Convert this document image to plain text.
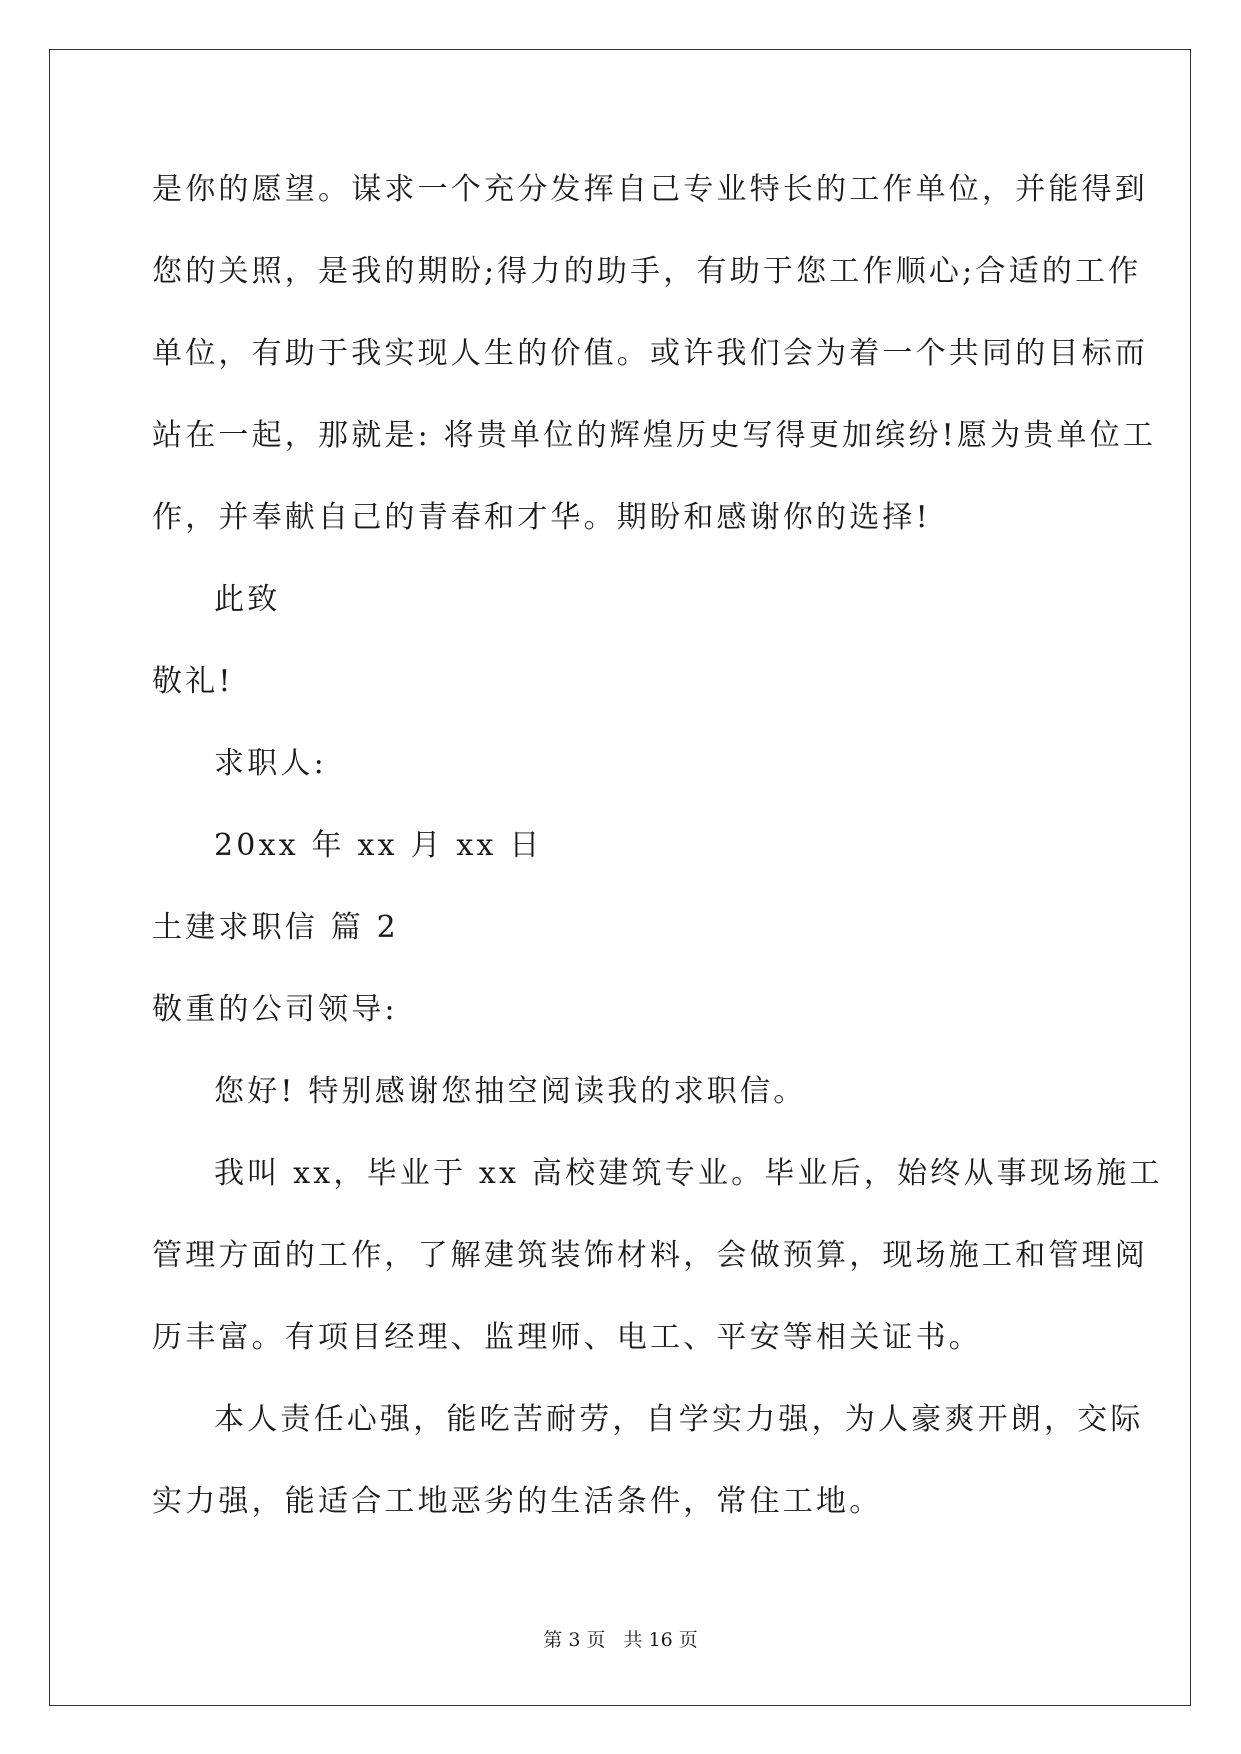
是你的愿望。谋求一个充分发挥自己专业特长的工作单位，并能得到
您的关照，是我的期盼;得力的助手，有助于您工作顺心;合适的工作
单位，有助于我实现人生的价值。或许我们会为着一个共同的目标而
站在一起，那就是: 将贵单位的辉煌历史写得更加缤纷!愿为贵单位工
作，并奉献自己的青春和才华。期盼和感谢你的选择!
此致
敬礼!
求职人:
20xx 年 xx 月 xx 日
土建求职信 篇 2
敬重的公司领导:
您好! 特别感谢您抽空阅读我的求职信。
我叫 xx，毕业于 xx 高校建筑专业。毕业后，始终从事现场施工
管理方面的工作，了解建筑装饰材料，会做预算，现场施工和管理阅
历丰富。有项目经理、监理师、电工、平安等相关证书。
本人责任心强，能吃苦耐劳，自学实力强，为人豪爽开朗，交际
实力强，能适合工地恶劣的生活条件，常住工地。
第 3 页 共 16 页
